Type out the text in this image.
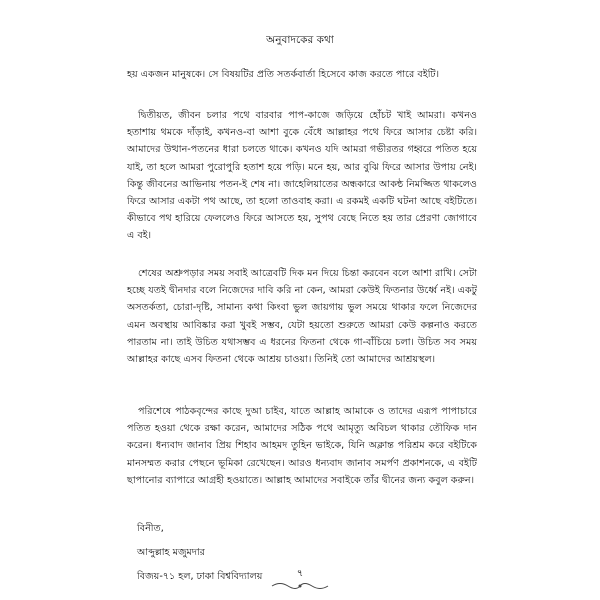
অনুবাদকের কথা

হয় একজন মানুষকে। সে বিষয়টির প্রতি সতর্কবার্তা হিসেবে কাজ করতে পারে বইটি।

দ্বিতীয়ত, জীবন চলার পথে বারবার পাপ-কাজে জড়িয়ে হোঁচট খাই আমরা। কখনও হতাশায় থমকে দাঁড়াই, কখনও-বা আশা বুকে বেঁধে আল্লাহর পথে ফিরে আসার চেষ্টা করি। আমাদের উত্থান-পতনের ধারা চলতে থাকে। কখনও যদি আমরা গভীরতর গহ্বরে পতিত হয়ে যাই, তা হলে আমরা পুরোপুরি হতাশ হয়ে পড়ি। মনে হয়, আর বুঝি ফিরে আসার উপায় নেই। কিন্তু জীবনের আভিনায় পতন-ই শেষ না। জাহেলিয়াতের অন্ধকারে আকন্ঠ নিমজ্জিত থাকলেও ফিরে আসার একটা পথ আছে, তা হলো তাওবাহ করা। এ রকমই একটি ঘটনা আছে বইটিতে। কীভাবে পথ হারিয়ে ফেললেও ফিরে আসতে হয়, সুপথ বেছে নিতে হয় তার প্রেরণা জোগাবে এ বই।

শেষের অশ্রুপড়ার সময় সবাই আত্রেবটি দিক মন দিয়ে চিন্তা করবেন বলে আশা রাখি। সেটা হচ্ছে যতই দ্বীনদার বলে নিজেদের দাবি করি না কেন, আমরা কেউই ফিতনার উর্ধ্বে নই। একটু অসতর্কতা, চোরা-দৃষ্টি, সামান্য কথা কিংবা ভুল জায়গায় ভুল সময়ে থাকার ফলে নিজেদের এমন অবস্থায় আবিষ্কার করা খুবই সম্ভব, যেটা হয়তো শুরুতে আমরা কেউ কল্পনাও করতে পারতাম না। তাই উচিত যথাসম্ভব এ ধরনের ফিতনা থেকে গা-বাঁচিয়ে চলা। উচিত সব সময় আল্লাহর কাছে এসব ফিতনা থেকে আশ্রয় চাওয়া। তিনিই তো আমাদের আশ্রয়স্থল।

পরিশেষে পাঠকবৃন্দের কাছে দুআ চাইব, যাতে আল্লাহ আমাকে ও তাদের এরূপ পাপাচারে পতিত হওয়া থেকে রক্ষা করেন, আমাদের সঠিক পথে আমৃত্যু অবিচল থাকার তৌফিক দান করেন। ধন্যবাদ জানাব প্রিয় শিহাব আহমদ তুহিন ভাইকে, যিনি অক্লান্ত পরিশ্রম করে বইটিকে মানসম্মত করার পেছনে ভূমিকা রেখেছেন। আরও ধন্যবাদ জানাব সমর্পণ প্রকাশনকে, এ বইটি ছাপানোর ব্যাপারে আগ্রহী হওয়াতে। আল্লাহ আমাদের সবাইকে তাঁর দ্বীনের জন্য কবুল করুন।

বিনীত,
আব্দুল্লাহ মজুমদার
বিজয়-৭১ হল, ঢাকা বিশ্ববিদ্যালয়	৭
